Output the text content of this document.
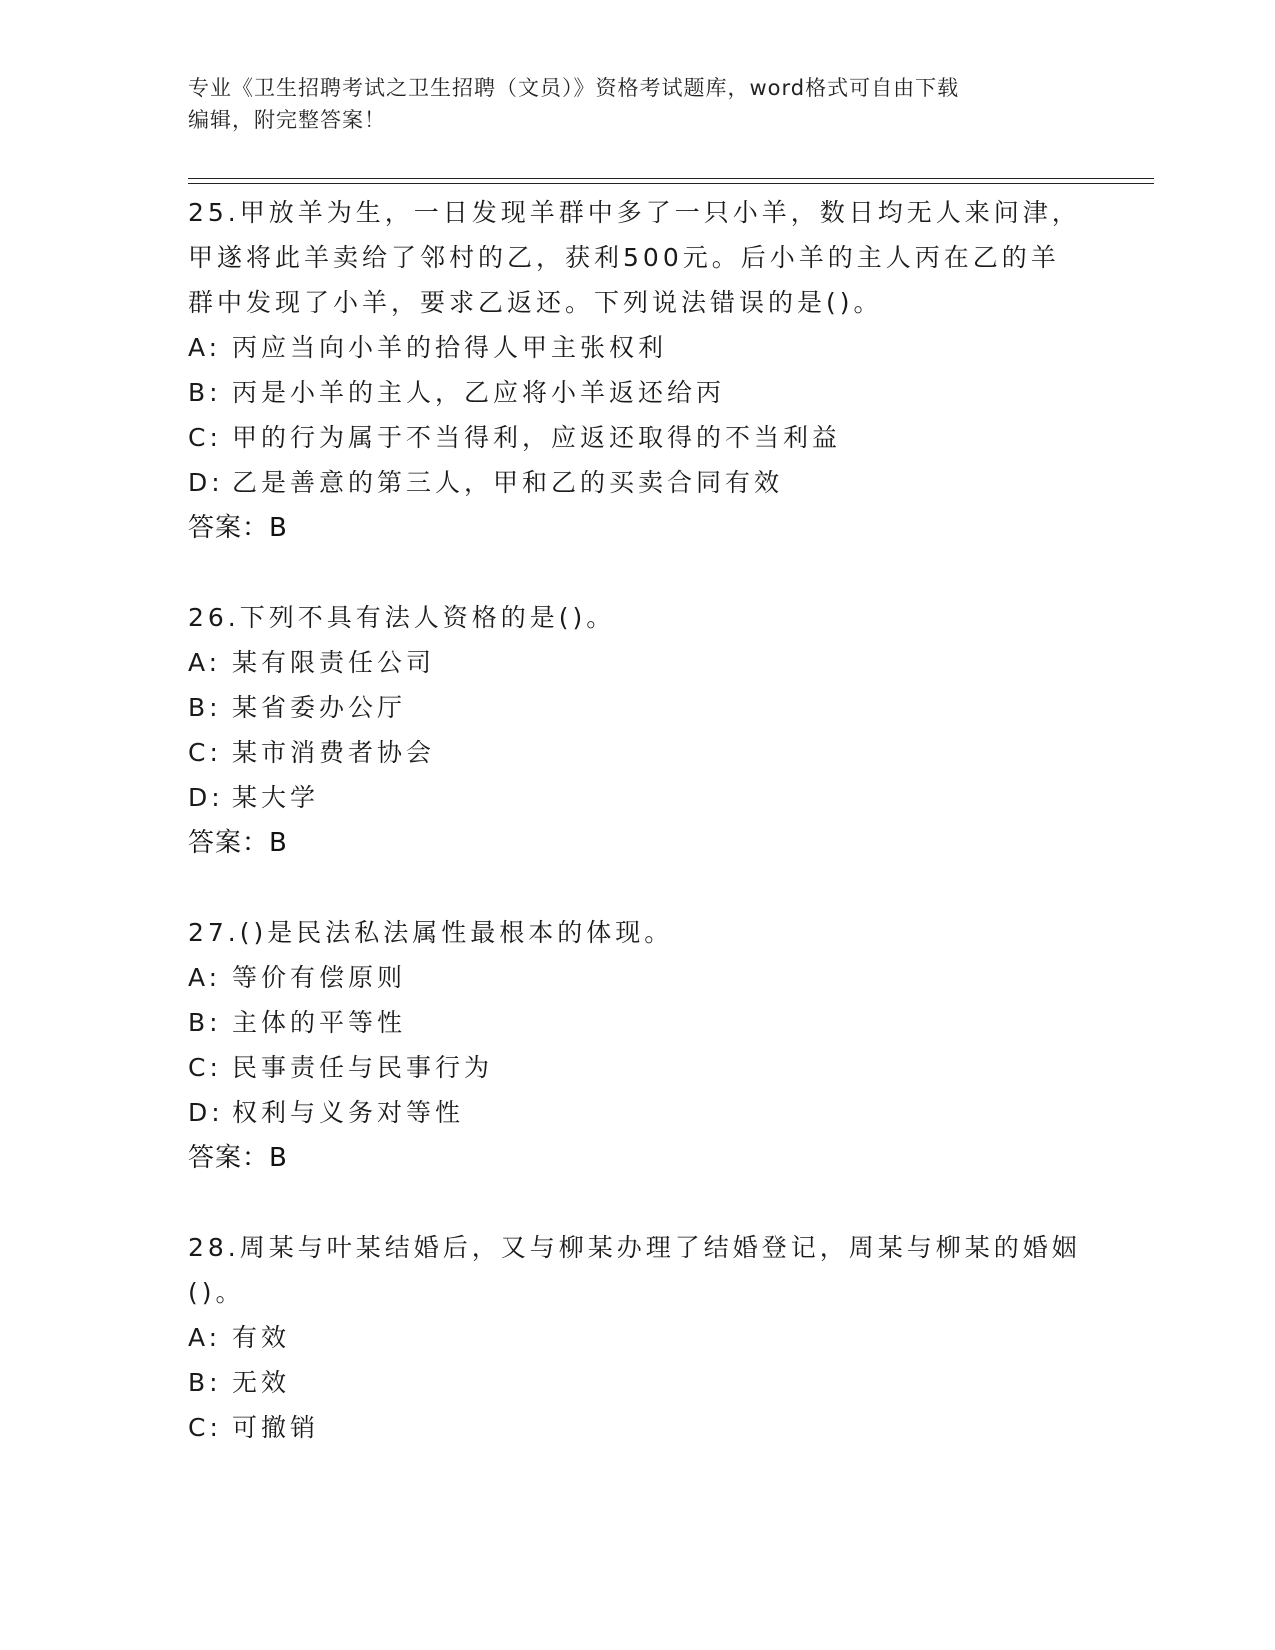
专业《卫生招聘考试之卫生招聘（文员）》资格考试题库，word格式可自由下载
编辑，附完整答案！

25.甲放羊为生，一日发现羊群中多了一只小羊，数日均无人来问津，甲遂将此羊卖给了邻村的乙，获利500元。后小羊的主人丙在乙的羊群中发现了小羊，要求乙返还。下列说法错误的是()。

A: 丙应当向小羊的拾得人甲主张权利
B: 丙是小羊的主人，乙应将小羊返还给丙
C: 甲的行为属于不当得利，应返还取得的不当利益
D: 乙是善意的第三人，甲和乙的买卖合同有效

答案：B

26.下列不具有法人资格的是()。

A: 某有限责任公司
B: 某省委办公厅
C: 某市消费者协会
D: 某大学

答案：B

27.()是民法私法属性最根本的体现。

A: 等价有偿原则
B: 主体的平等性
C: 民事责任与民事行为
D: 权利与义务对等性

答案：B

28.周某与叶某结婚后，又与柳某办理了结婚登记，周某与柳某的婚姻()。

A: 有效
B: 无效
C: 可撤销
